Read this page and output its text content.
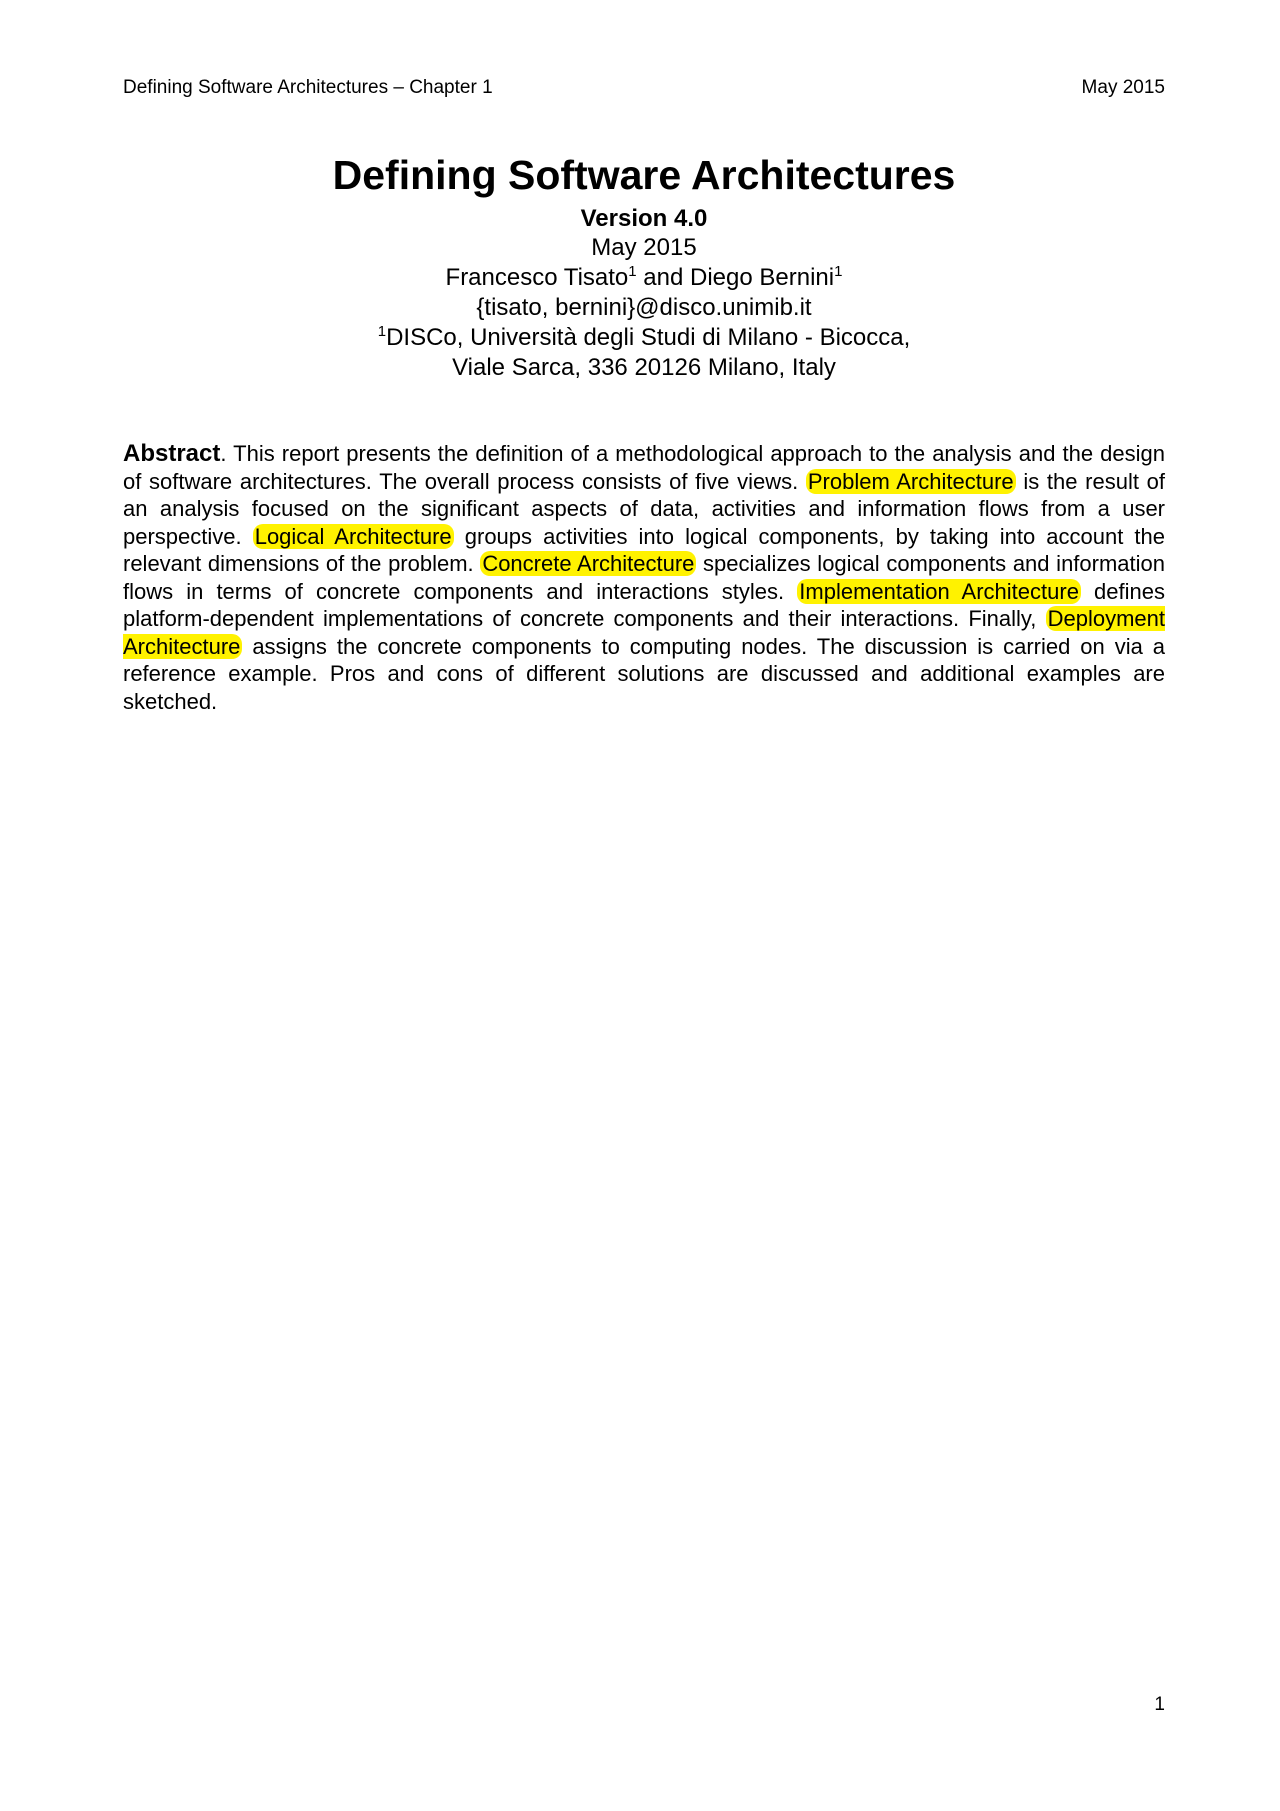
Defining Software Architectures – Chapter 1	May 2015
Defining Software Architectures
Version 4.0
May 2015
Francesco Tisato$^1$ and Diego Bernini$^1$
{tisato, bernini}@disco.unimib.it
$^1$DISCo, Università degli Studi di Milano - Bicocca,
Viale Sarca, 336 20126 Milano, Italy

Abstract. This report presents the definition of a methodological approach to the analysis and the design of software architectures. The overall process consists of five views. Problem Architecture is the result of an analysis focused on the significant aspects of data, activities and information flows from a user perspective. Logical Architecture groups activities into logical components, by taking into account the relevant dimensions of the problem. Concrete Architecture specializes logical components and information flows in terms of concrete components and interactions styles. Implementation Architecture defines platform-dependent implementations of concrete components and their interactions. Finally, Deployment Architecture assigns the concrete components to computing nodes. The discussion is carried on via a reference example. Pros and cons of different solutions are discussed and additional examples are sketched.

1
